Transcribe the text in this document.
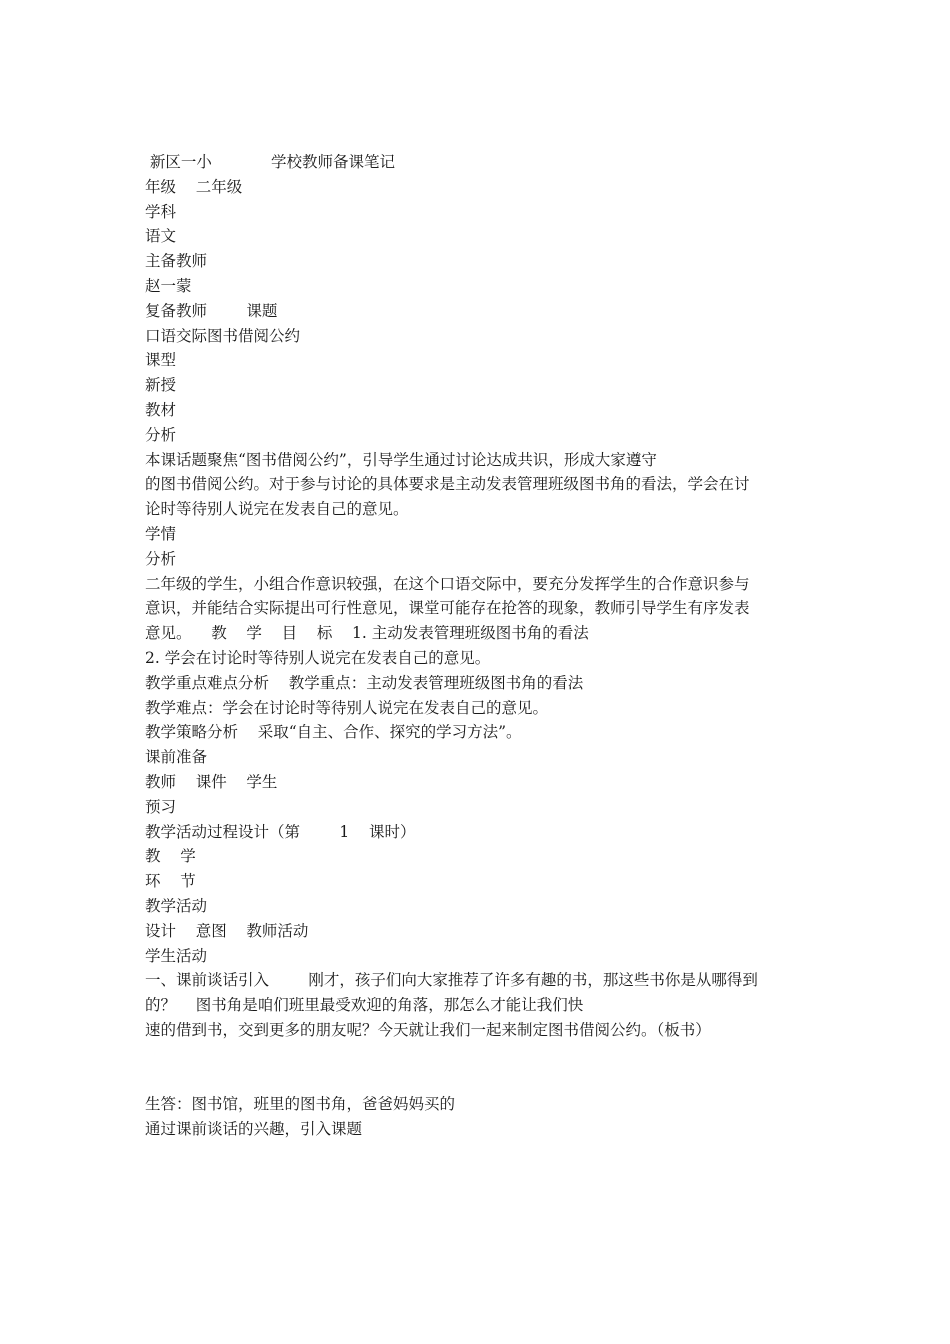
新区一小            学校教师备课笔记
年级    二年级
学科
语文
主备教师
赵一蒙
复备教师        课题
口语交际图书借阅公约
课型
新授
教材
分析
本课话题聚焦“图书借阅公约”，引导学生通过讨论达成共识，形成大家遵守
的图书借阅公约。对于参与讨论的具体要求是主动发表管理班级图书角的看法，学会在讨
论时等待别人说完在发表自己的意见。
学情
分析
二年级的学生，小组合作意识较强，在这个口语交际中，要充分发挥学生的合作意识参与
意识，并能结合实际提出可行性意见，课堂可能存在抢答的现象，教师引导学生有序发表
意见。    教    学    目    标    1. 主动发表管理班级图书角的看法
2. 学会在讨论时等待别人说完在发表自己的意见。
教学重点难点分析    教学重点：主动发表管理班级图书角的看法
教学难点：学会在讨论时等待别人说完在发表自己的意见。
教学策略分析    采取“自主、合作、探究的学习方法”。
课前准备
教师    课件    学生
预习
教学活动过程设计（第        1    课时）
教    学
环    节
教学活动
设计    意图    教师活动
学生活动
一、课前谈话引入        刚才，孩子们向大家推荐了许多有趣的书，那这些书你是从哪得到
的？    图书角是咱们班里最受欢迎的角落，那怎么才能让我们快
速的借到书，交到更多的朋友呢？今天就让我们一起来制定图书借阅公约。（板书）
生答：图书馆，班里的图书角，爸爸妈妈买的
通过课前谈话的兴趣，引入课题
